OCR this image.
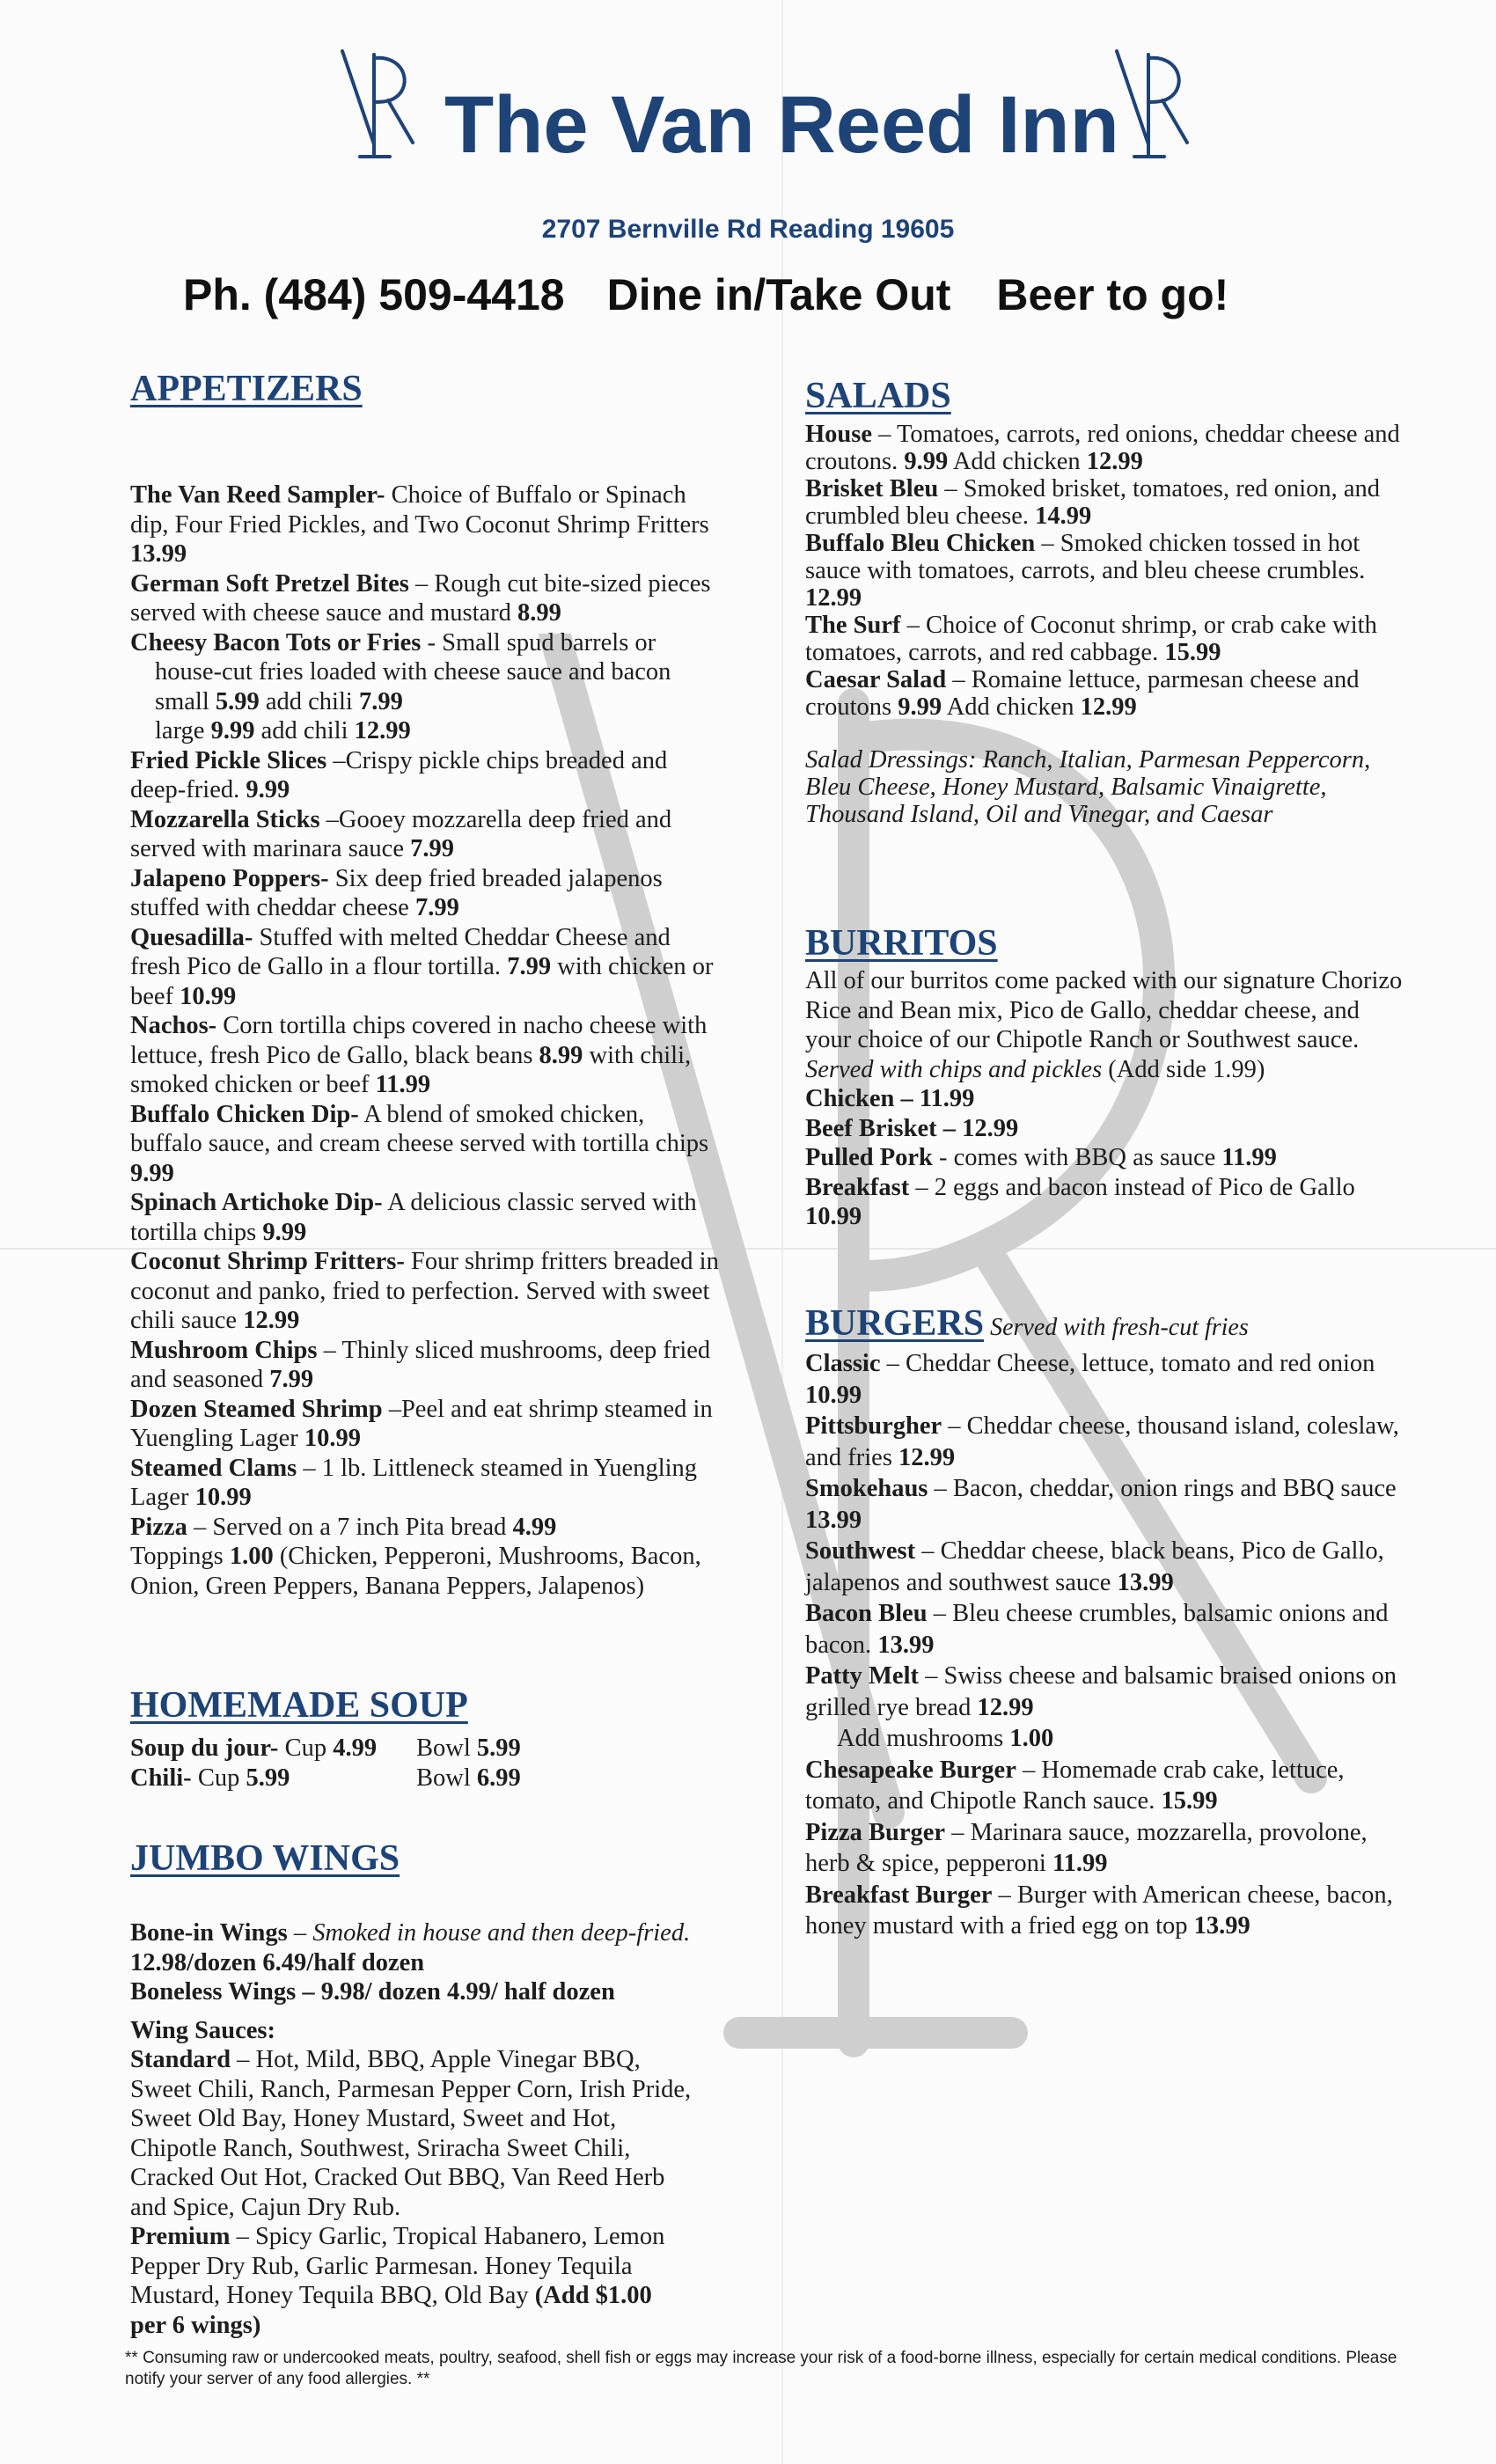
The Van Reed Inn
2707 Bernville Rd Reading 19605
Ph. (484) 509-4418 Dine in/Take Out Beer to go!
APPETIZERS
The Van Reed Sampler- Choice of Buffalo or Spinach dip, Four Fried Pickles, and Two Coconut Shrimp Fritters 13.99
German Soft Pretzel Bites – Rough cut bite-sized pieces served with cheese sauce and mustard 8.99
Cheesy Bacon Tots or Fries - Small spud barrels or house-cut fries loaded with cheese sauce and bacon small 5.99 add chili 7.99
large 9.99 add chili 12.99
Fried Pickle Slices –Crispy pickle chips breaded and deep-fried. 9.99
Mozzarella Sticks –Gooey mozzarella deep fried and served with marinara sauce 7.99
Jalapeno Poppers- Six deep fried breaded jalapenos stuffed with cheddar cheese 7.99
Quesadilla- Stuffed with melted Cheddar Cheese and fresh Pico de Gallo in a flour tortilla. 7.99 with chicken or beef 10.99
Nachos- Corn tortilla chips covered in nacho cheese with lettuce, fresh Pico de Gallo, black beans 8.99 with chili, smoked chicken or beef 11.99
Buffalo Chicken Dip- A blend of smoked chicken, buffalo sauce, and cream cheese served with tortilla chips 9.99
Spinach Artichoke Dip- A delicious classic served with tortilla chips 9.99
Coconut Shrimp Fritters- Four shrimp fritters breaded in coconut and panko, fried to perfection. Served with sweet chili sauce 12.99
Mushroom Chips – Thinly sliced mushrooms, deep fried and seasoned 7.99
Dozen Steamed Shrimp –Peel and eat shrimp steamed in Yuengling Lager 10.99
Steamed Clams – 1 lb. Littleneck steamed in Yuengling Lager 10.99
Pizza – Served on a 7 inch Pita bread 4.99
Toppings 1.00 (Chicken, Pepperoni, Mushrooms, Bacon, Onion, Green Peppers, Banana Peppers, Jalapenos)
HOMEMADE SOUP
Soup du jour- Cup 4.99	Bowl 5.99
Chili- Cup 5.99	Bowl 6.99
JUMBO WINGS
Bone-in Wings – Smoked in house and then deep-fried. 12.98/dozen 6.49/half dozen
Boneless Wings – 9.98/ dozen 4.99/ half dozen
Wing Sauces:
Standard – Hot, Mild, BBQ, Apple Vinegar BBQ, Sweet Chili, Ranch, Parmesan Pepper Corn, Irish Pride, Sweet Old Bay, Honey Mustard, Sweet and Hot, Chipotle Ranch, Southwest, Sriracha Sweet Chili, Cracked Out Hot, Cracked Out BBQ, Van Reed Herb and Spice, Cajun Dry Rub.
Premium – Spicy Garlic, Tropical Habanero, Lemon Pepper Dry Rub, Garlic Parmesan. Honey Tequila Mustard, Honey Tequila BBQ, Old Bay (Add $1.00 per 6 wings)
SALADS
House – Tomatoes, carrots, red onions, cheddar cheese and croutons. 9.99 Add chicken 12.99
Brisket Bleu – Smoked brisket, tomatoes, red onion, and crumbled bleu cheese. 14.99
Buffalo Bleu Chicken – Smoked chicken tossed in hot sauce with tomatoes, carrots, and bleu cheese crumbles. 12.99
The Surf – Choice of Coconut shrimp, or crab cake with tomatoes, carrots, and red cabbage. 15.99
Caesar Salad – Romaine lettuce, parmesan cheese and croutons 9.99 Add chicken 12.99
Salad Dressings: Ranch, Italian, Parmesan Peppercorn, Bleu Cheese, Honey Mustard, Balsamic Vinaigrette, Thousand Island, Oil and Vinegar, and Caesar
BURRITOS
All of our burritos come packed with our signature Chorizo Rice and Bean mix, Pico de Gallo, cheddar cheese, and your choice of our Chipotle Ranch or Southwest sauce. Served with chips and pickles (Add side 1.99)
Chicken – 11.99
Beef Brisket – 12.99
Pulled Pork - comes with BBQ as sauce 11.99
Breakfast – 2 eggs and bacon instead of Pico de Gallo 10.99
BURGERS Served with fresh-cut fries
Classic – Cheddar Cheese, lettuce, tomato and red onion 10.99
Pittsburgher – Cheddar cheese, thousand island, coleslaw, and fries 12.99
Smokehaus – Bacon, cheddar, onion rings and BBQ sauce 13.99
Southwest – Cheddar cheese, black beans, Pico de Gallo, jalapenos and southwest sauce 13.99
Bacon Bleu – Bleu cheese crumbles, balsamic onions and bacon. 13.99
Patty Melt – Swiss cheese and balsamic braised onions on grilled rye bread 12.99
Add mushrooms 1.00
Chesapeake Burger – Homemade crab cake, lettuce, tomato, and Chipotle Ranch sauce. 15.99
Pizza Burger – Marinara sauce, mozzarella, provolone, herb & spice, pepperoni 11.99
Breakfast Burger – Burger with American cheese, bacon, honey mustard with a fried egg on top 13.99
** Consuming raw or undercooked meats, poultry, seafood, shell fish or eggs may increase your risk of a food-borne illness, especially for certain medical conditions. Please notify your server of any food allergies. **
